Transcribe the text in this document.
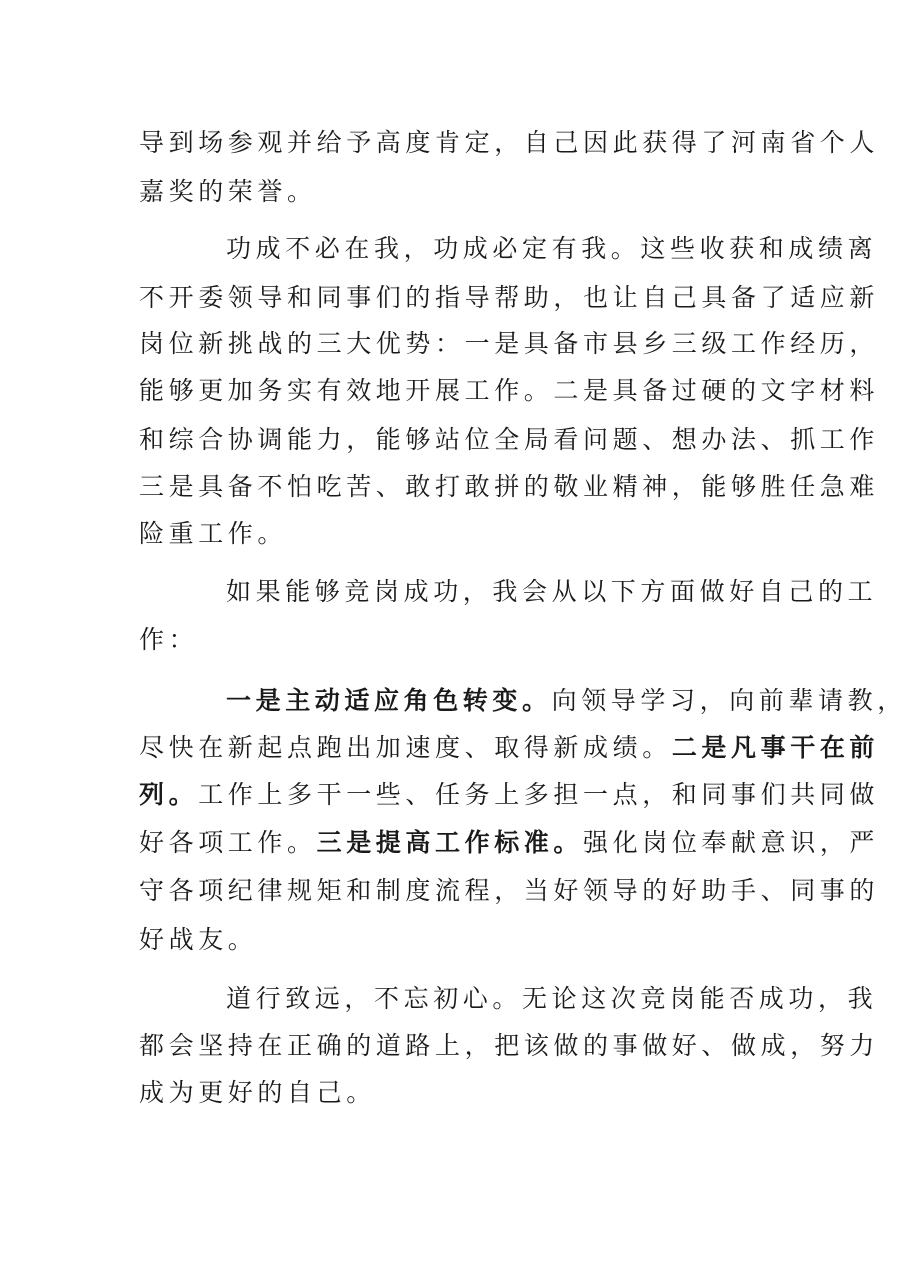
导到场参观并给予高度肯定，自己因此获得了河南省个人
嘉奖的荣誉。
功成不必在我，功成必定有我。这些收获和成绩离
不开委领导和同事们的指导帮助，也让自己具备了适应新
岗位新挑战的三大优势：一是具备市县乡三级工作经历，
能够更加务实有效地开展工作。二是具备过硬的文字材料
和综合协调能力，能够站位全局看问题、想办法、抓工作
三是具备不怕吃苦、敢打敢拼的敬业精神，能够胜任急难
险重工作。
如果能够竞岗成功，我会从以下方面做好自己的工
作：
一是主动适应角色转变。向领导学习，向前辈请教，
尽快在新起点跑出加速度、取得新成绩。二是凡事干在前
列。工作上多干一些、任务上多担一点，和同事们共同做
好各项工作。三是提高工作标准。强化岗位奉献意识，严
守各项纪律规矩和制度流程，当好领导的好助手、同事的
好战友。
道行致远，不忘初心。无论这次竞岗能否成功，我
都会坚持在正确的道路上，把该做的事做好、做成，努力
成为更好的自己。
